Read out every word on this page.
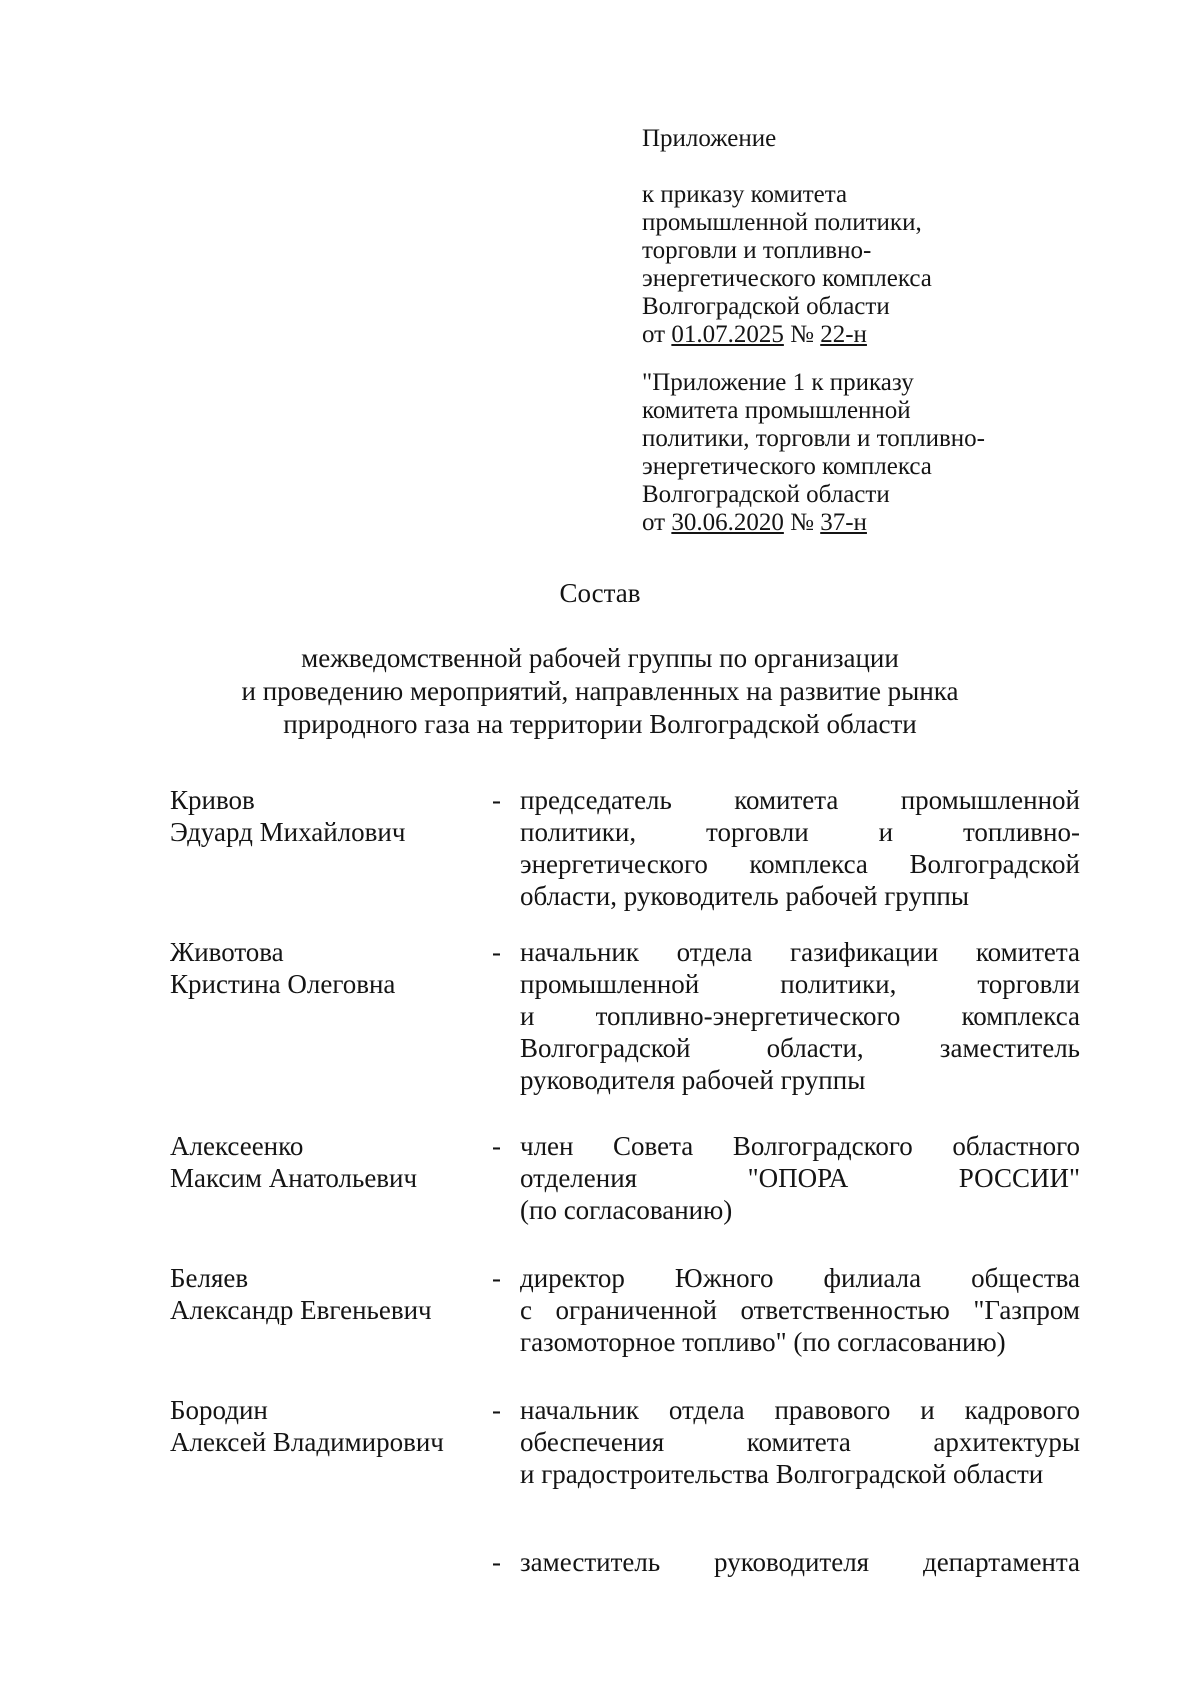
Приложение
к приказу комитета
промышленной политики,
торговли и топливно-
энергетического комплекса
Волгоградской области
от 01.07.2025 № 22-н
"Приложение 1 к приказу
комитета промышленной
политики, торговли и топливно-
энергетического комплекса
Волгоградской области
от 30.06.2020 № 37-н
Состав
межведомственной рабочей группы по организации
и проведению мероприятий, направленных на развитие рынка
природного газа на территории Волгоградской области
Кривов
Эдуард Михайлович
- председатель комитета промышленной
политики, торговли и топливно-
энергетического комплекса Волгоградской
области, руководитель рабочей группы
Животова
Кристина Олеговна
- начальник отдела газификации комитета
промышленной политики, торговли
и топливно-энергетического комплекса
Волгоградской области, заместитель
руководителя рабочей группы
Алексеенко
Максим Анатольевич
- член Совета Волгоградского областного
отделения "ОПОРА РОССИИ"
(по согласованию)
Беляев
Александр Евгеньевич
- директор Южного филиала общества
с ограниченной ответственностью "Газпром
газомоторное топливо" (по согласованию)
Бородин
Алексей Владимирович
- начальник отдела правового и кадрового
обеспечения комитета архитектуры
и градостроительства Волгоградской области
- заместитель руководителя департамента
